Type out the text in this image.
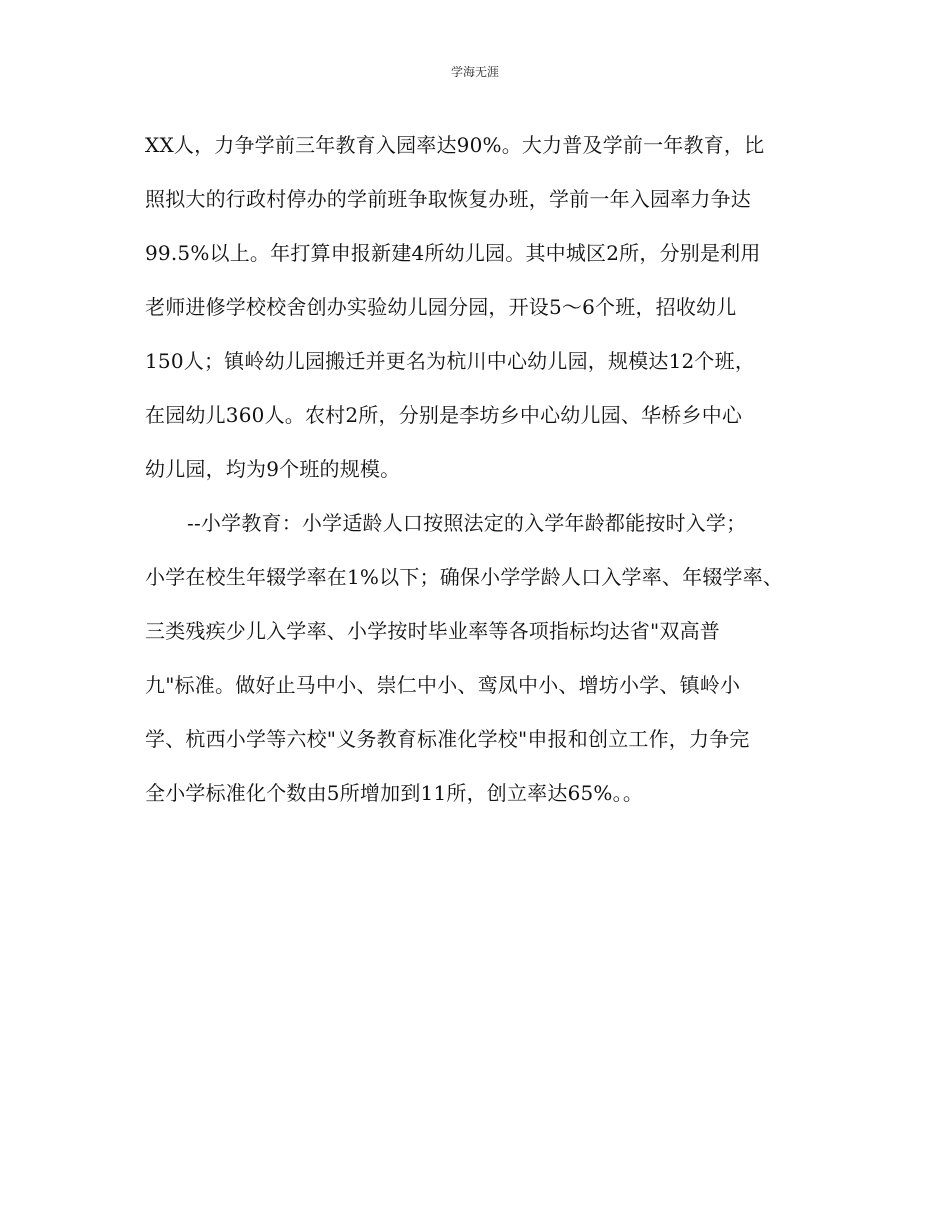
学海无涯
XX人，力争学前三年教育入园率达90%。大力普及学前一年教育，比
照拟大的行政村停办的学前班争取恢复办班，学前一年入园率力争达
99.5%以上。年打算申报新建4所幼儿园。其中城区2所，分别是利用
老师进修学校校舍创办实验幼儿园分园，开设5～6个班，招收幼儿
150人；镇岭幼儿园搬迁并更名为杭川中心幼儿园，规模达12个班，
在园幼儿360人。农村2所，分别是李坊乡中心幼儿园、华桥乡中心
幼儿园，均为9个班的规模。
--小学教育：小学适龄人口按照法定的入学年龄都能按时入学；
小学在校生年辍学率在1%以下；确保小学学龄人口入学率、年辍学率、
三类残疾少儿入学率、小学按时毕业率等各项指标均达省"双高普
九"标准。做好止马中小、崇仁中小、鸾凤中小、增坊小学、镇岭小
学、杭西小学等六校"义务教育标准化学校"申报和创立工作，力争完
全小学标准化个数由5所增加到11所，创立率达65%。。
